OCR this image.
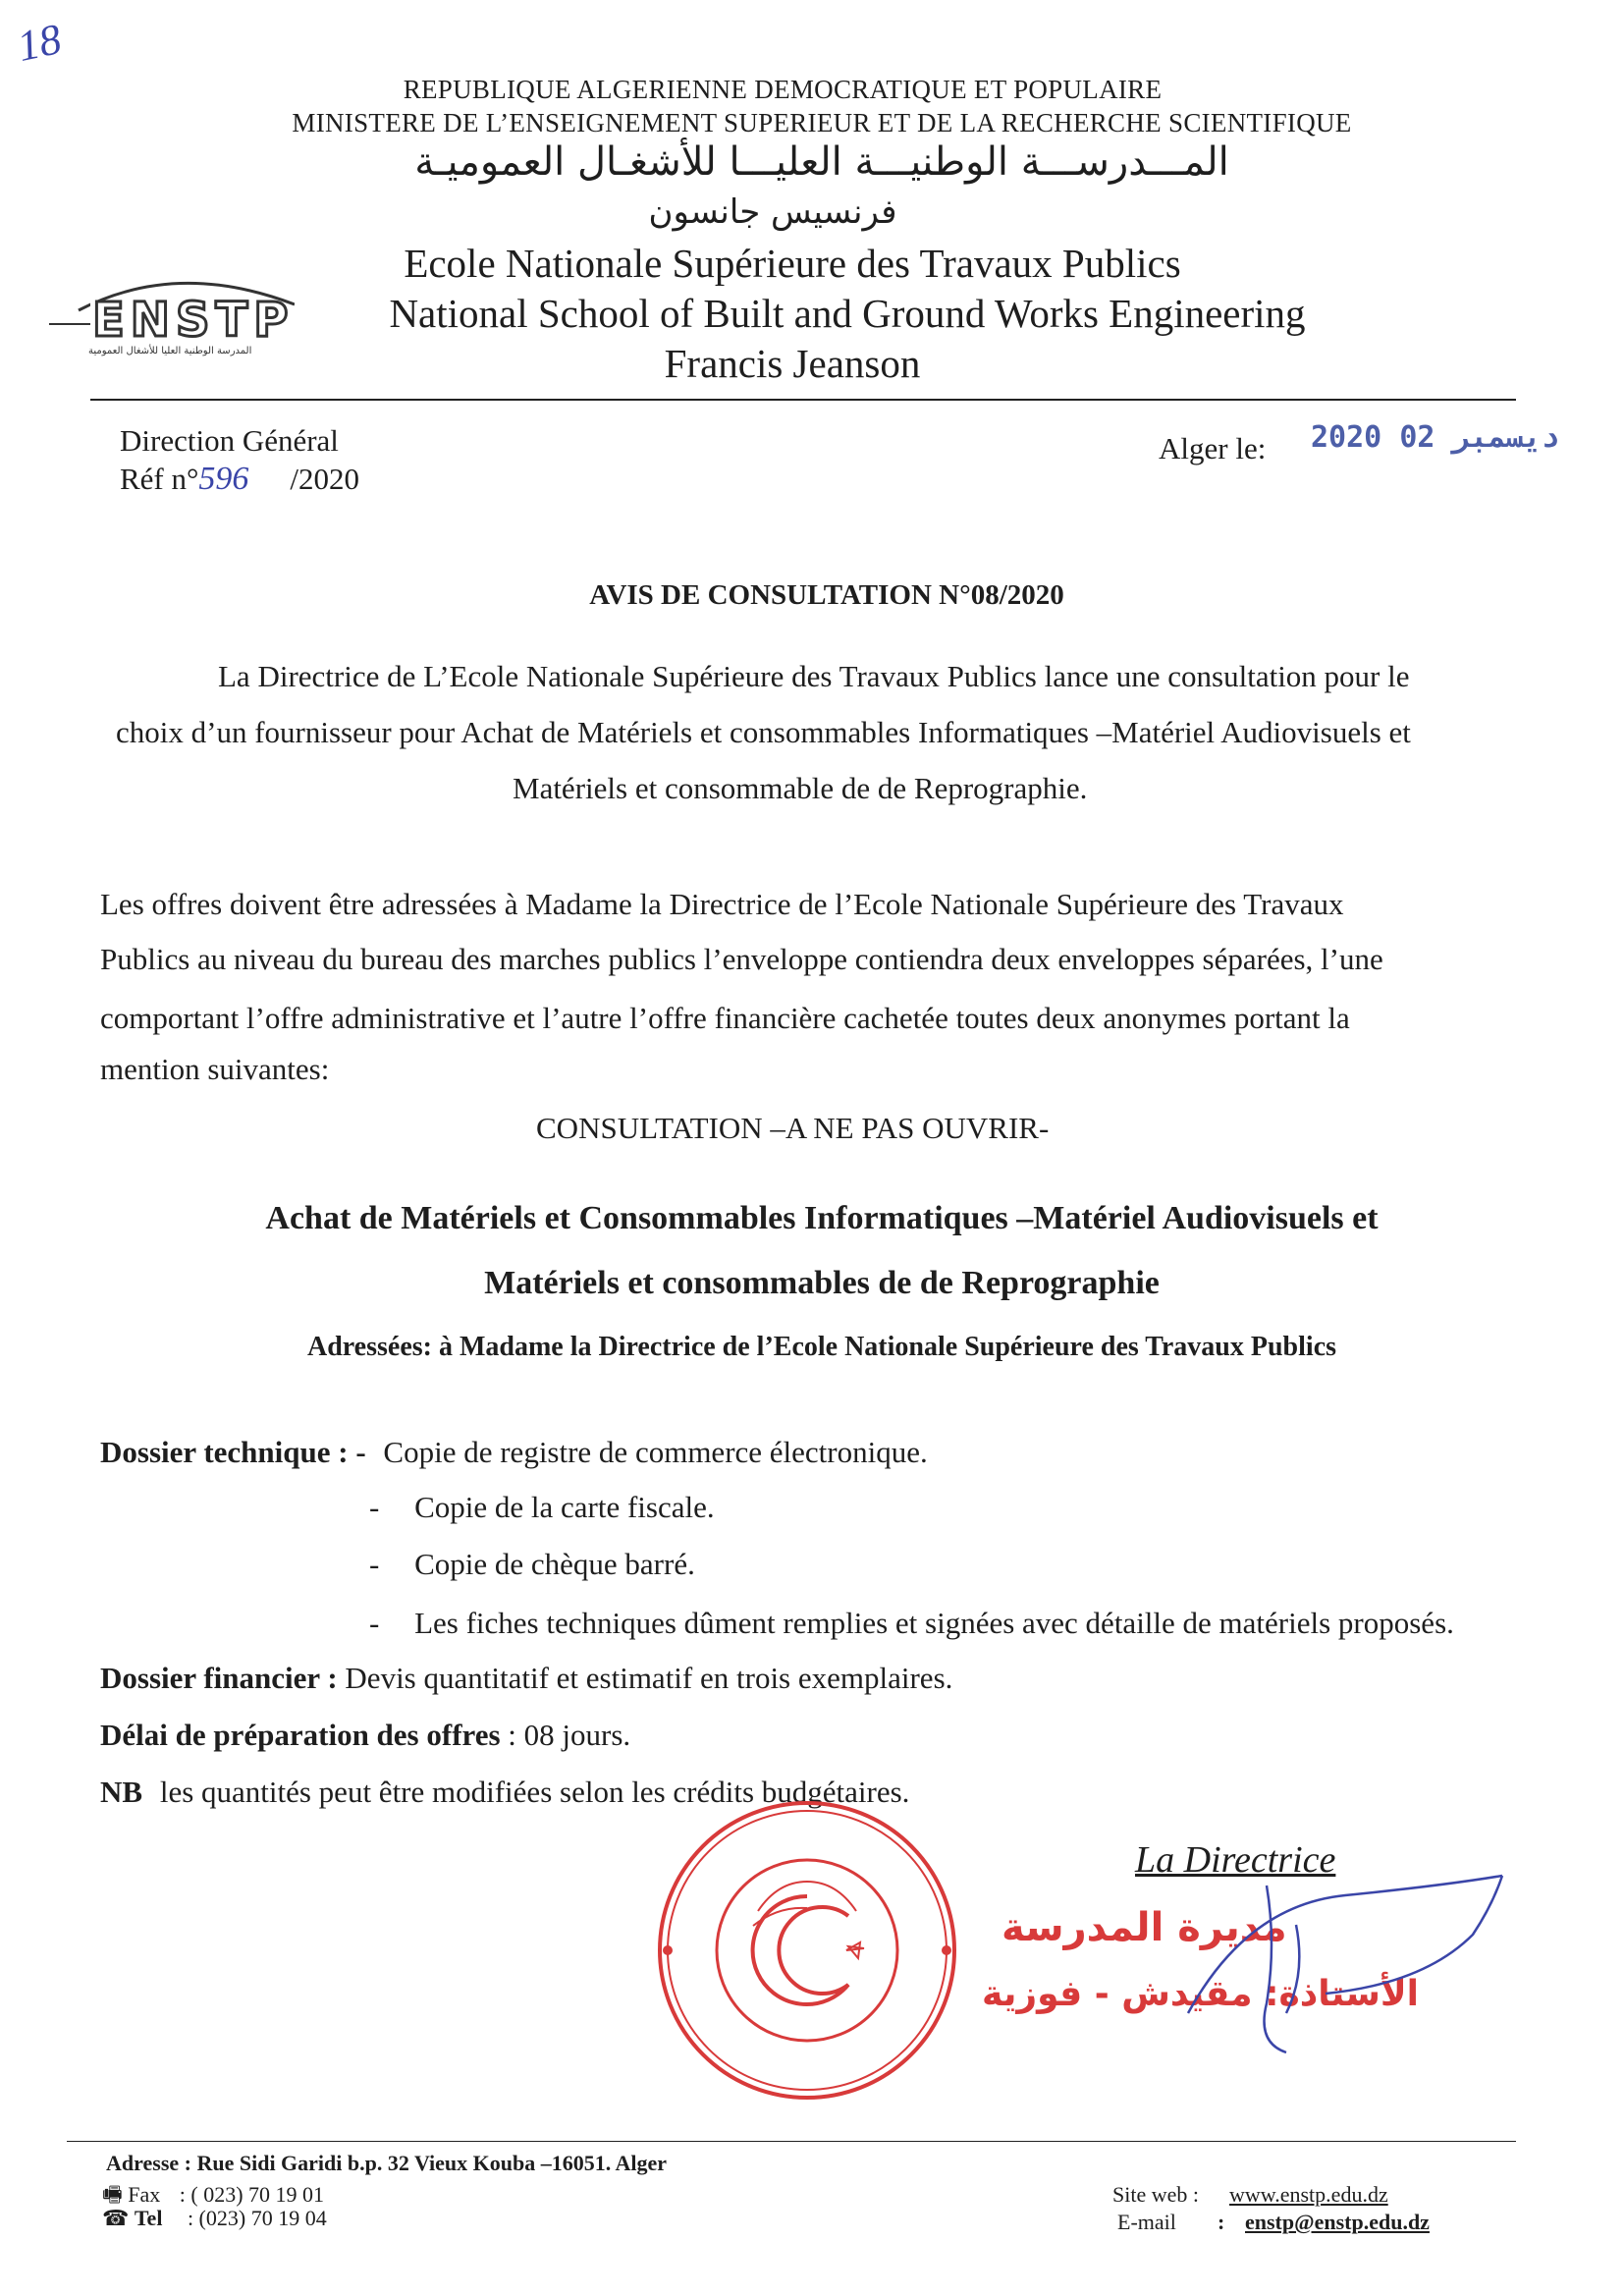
18
REPUBLIQUE ALGERIENNE DEMOCRATIQUE ET POPULAIRE
MINISTERE DE L’ENSEIGNEMENT SUPERIEUR ET DE LA RECHERCHE SCIENTIFIQUE
المـــدرســـة الوطنيـــة العليـــا للأشغـال العموميـة
فرنسيس جانسون
ENSTP
المدرسة الوطنية العليا للأشغال العمومية
Ecole Nationale Supérieure des Travaux Publics
National School of Built and Ground Works Engineering
Francis Jeanson
Direction Général
Réf n°596 /2020
Alger le: 2020 ديسمبر 02
AVIS DE CONSULTATION N°08/2020
La Directrice de L’Ecole Nationale Supérieure des Travaux Publics lance une consultation pour le
choix d’un fournisseur pour Achat de Matériels et consommables Informatiques –Matériel Audiovisuels et
Matériels et consommable de de Reprographie.
Les offres doivent être adressées à Madame la Directrice de l’Ecole Nationale Supérieure des Travaux
Publics au niveau du bureau des marches publics l’enveloppe contiendra deux enveloppes séparées, l’une
comportant l’offre administrative et l’autre l’offre financière cachetée toutes deux anonymes portant la
mention suivantes:
CONSULTATION –A NE PAS OUVRIR-
Achat de Matériels et Consommables Informatiques –Matériel Audiovisuels et
Matériels et consommables de de Reprographie
Adressées: à Madame la Directrice de l’Ecole Nationale Supérieure des Travaux Publics
Dossier technique : - Copie de registre de commerce électronique.
- Copie de la carte fiscale.
- Copie de chèque barré.
- Les fiches techniques dûment remplies et signées avec détaille de matériels proposés.
Dossier financier : Devis quantitatif et estimatif en trois exemplaires.
Délai de préparation des offres : 08 jours.
NB les quantités peut être modifiées selon les crédits budgétaires.
La Directrice
مديرة المدرسة
الأستاذة: مقيدش - فوزية
Adresse : Rue Sidi Garidi b.p. 32 Vieux Kouba –16051. Alger
🖷 Fax : ( 023) 70 19 01
☎ Tel : (023) 70 19 04
Site web : www.enstp.edu.dz
E-mail : enstp@enstp.edu.dz
